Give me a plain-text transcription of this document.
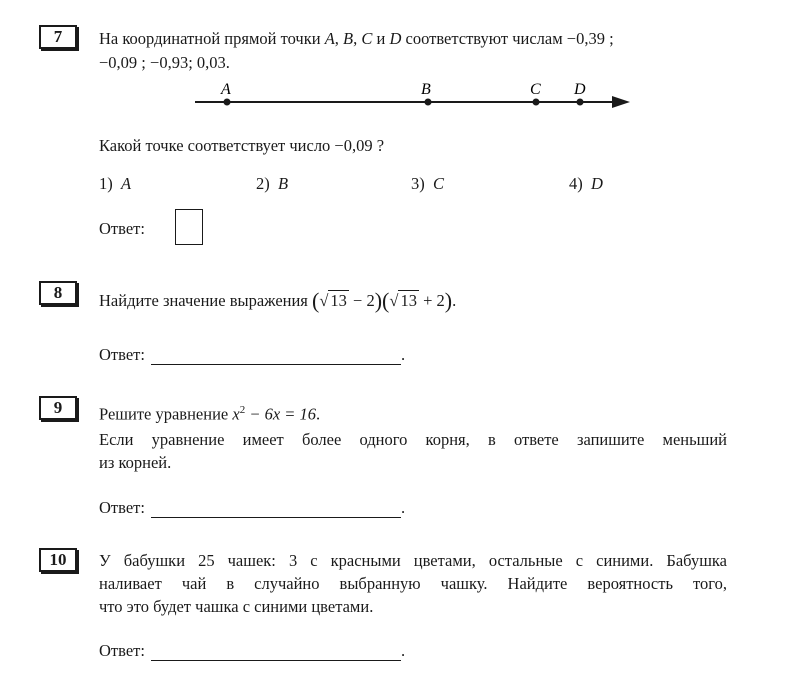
7 На координатной прямой точки A, B, C и D соответствуют числам −0,39 ;
−0,09 ; −0,93; 0,03.
A	B	C D
Какой точке соответствует число −0,09 ?
1) A	2) B	3) C	4) D
Ответ:
8 Найдите значение выражения (√ 13 − 2)(√ 13 + 2).
Ответ:	.
9 Решите уравнение $x^2 - 6x = 16$.
Если уравнение имеет более одного корня, в ответе запишите меньший
из корней.
Ответ:	.
10 У бабушки 25 чашек: 3 с красными цветами, остальные с синими. Бабушка
наливает чай в случайно выбранную чашку. Найдите вероятность того,
что это будет чашка с синими цветами.
Ответ:	.
